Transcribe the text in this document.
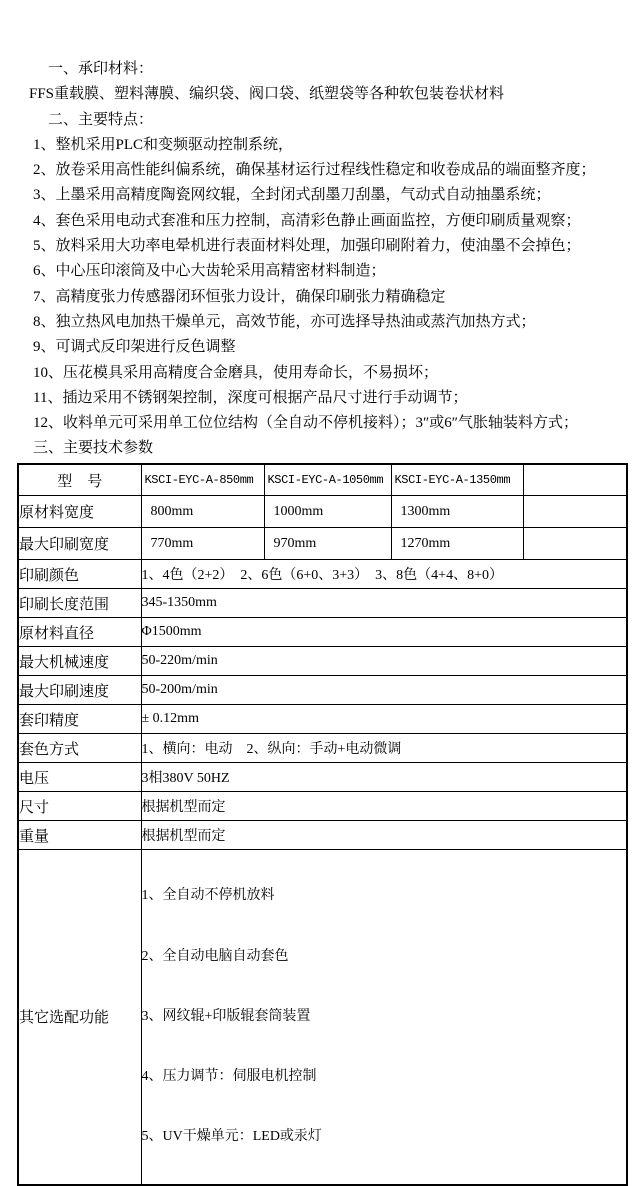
一、承印材料：

FFS重载膜、塑料薄膜、编织袋、阀口袋、纸塑袋等各种软包装卷状材料

二、主要特点：

1、整机采用PLC和变频驱动控制系统，

2、放卷采用高性能纠偏系统，确保基材运行过程线性稳定和收卷成品的端面整齐度；

3、上墨采用高精度陶瓷网纹辊，全封闭式刮墨刀刮墨，气动式自动抽墨系统；

4、套色采用电动式套准和压力控制，高清彩色静止画面监控，方便印刷质量观察；

5、放料采用大功率电晕机进行表面材料处理，加强印刷附着力，使油墨不会掉色；

6、中心压印滚筒及中心大齿轮采用高精密材料制造；

7、高精度张力传感器闭环恒张力设计，确保印刷张力精确稳定

8、独立热风电加热干燥单元，高效节能，亦可选择导热油或蒸汽加热方式；

9、可调式反印架进行反色调整

10、压花模具采用高精度合金磨具，使用寿命长，不易损坏；

11、插边采用不锈钢架控制，深度可根据产品尺寸进行手动调节；

12、收料单元可采用单工位位结构（全自动不停机接料）；3″或6″气胀轴装料方式；

三、主要技术参数

型　号	KSCI-EYC-A-850mm	KSCI-EYC-A-1050mm	KSCI-EYC-A-1350mm	
原材料宽度	800mm	1000mm	1300mm	
最大印刷宽度	770mm	970mm	1270mm	
印刷颜色	1、4色（2+2）  2、6色（6+0、3+3）  3、8色（4+4、8+0）			
印刷长度范围	345-1350mm			
原材料直径	Φ1500mm			
最大机械速度	50-220m/min			
最大印刷速度	50-200m/min			
套印精度	± 0.12mm			
套色方式	1、横向：电动    2、纵向：手动+电动微调			
电压	3相380V 50HZ			
尺寸	根据机型而定			
重量	根据机型而定			
其它选配功能	1、全自动不停机放料

2、全自动电脑自动套色

3、网纹辊+印版辊套筒装置

4、压力调节：伺服电机控制

5、UV干燥单元：LED或汞灯			
